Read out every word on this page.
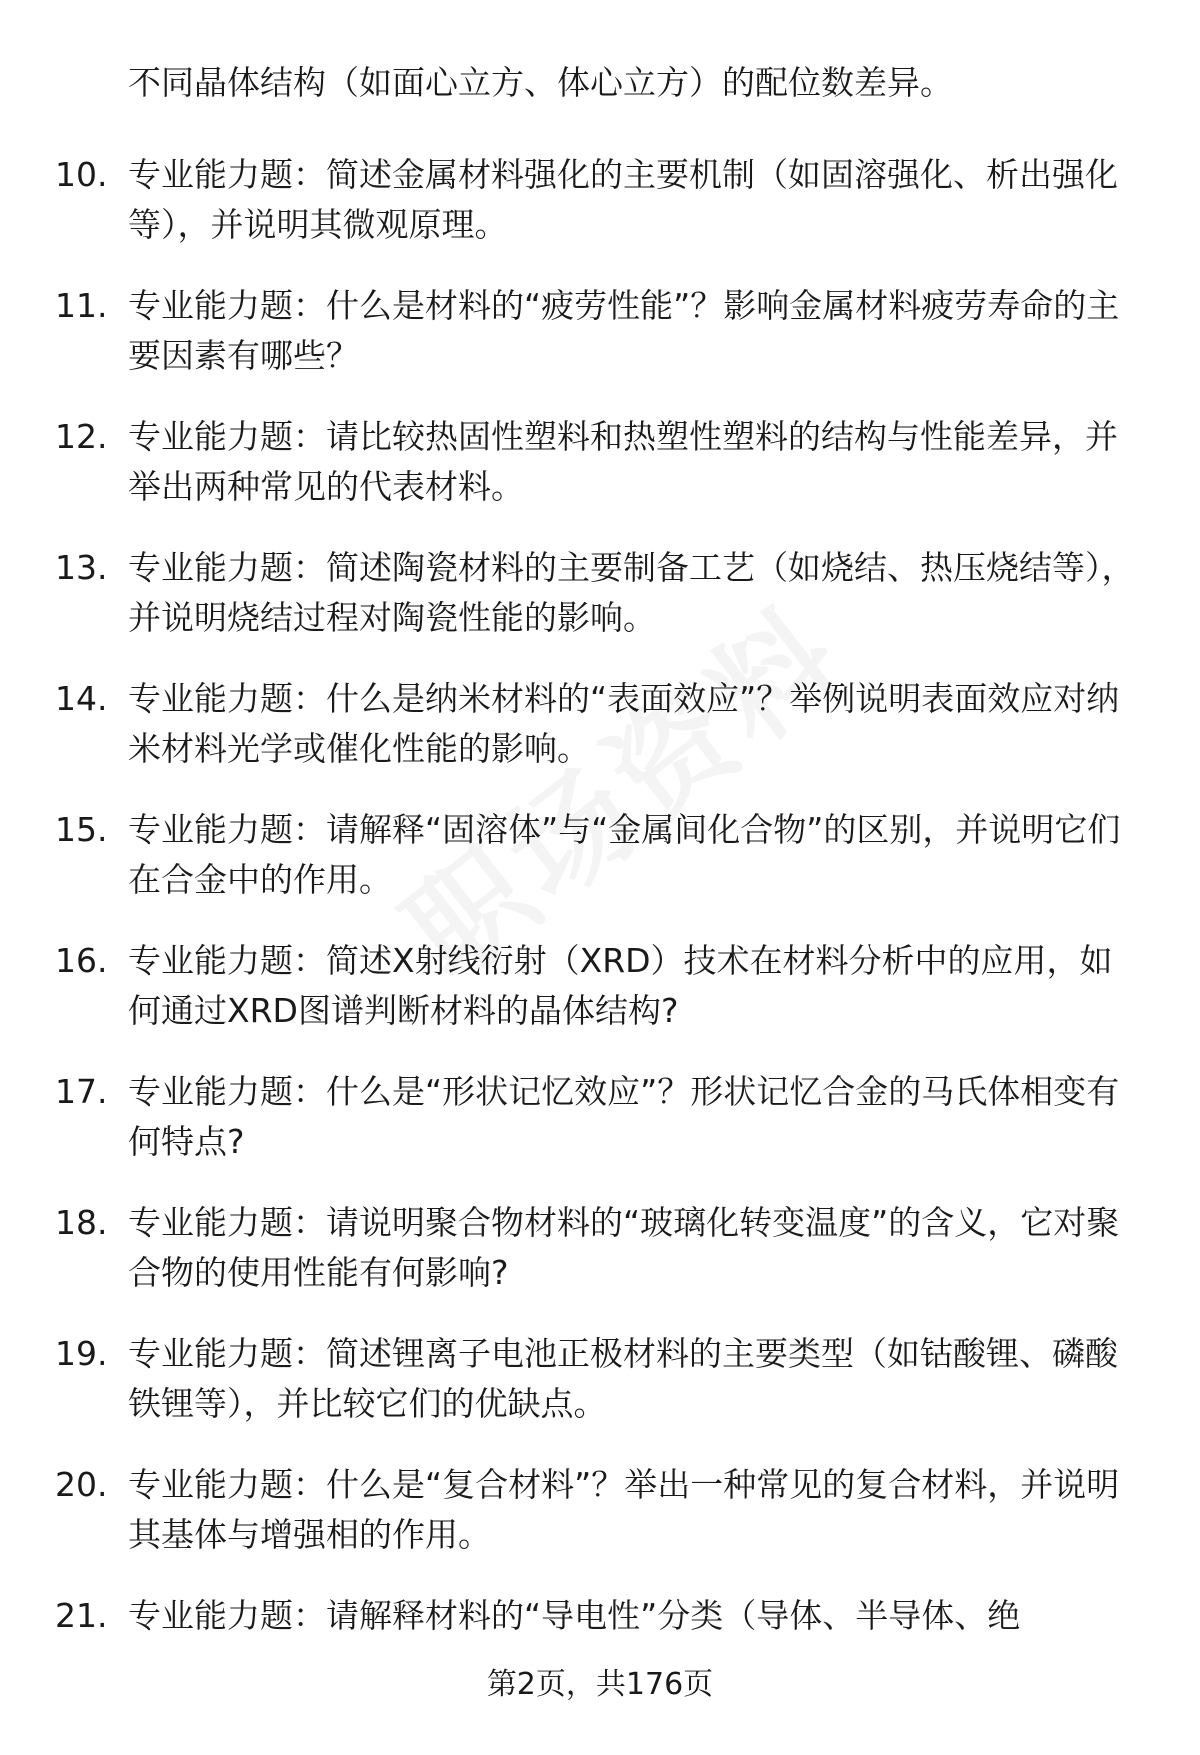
不同晶体结构（如面心立方、体心立方）的配位数差异。
10. 专业能力题：简述金属材料强化的主要机制（如固溶强化、析出强化等），并说明其微观原理。
11. 专业能力题：什么是材料的“疲劳性能”？影响金属材料疲劳寿命的主要因素有哪些？
12. 专业能力题：请比较热固性塑料和热塑性塑料的结构与性能差异，并举出两种常见的代表材料。
13. 专业能力题：简述陶瓷材料的主要制备工艺（如烧结、热压烧结等），并说明烧结过程对陶瓷性能的影响。
14. 专业能力题：什么是纳米材料的“表面效应”？举例说明表面效应对纳米材料光学或催化性能的影响。
15. 专业能力题：请解释“固溶体”与“金属间化合物”的区别，并说明它们在合金中的作用。
16. 专业能力题：简述X射线衍射（XRD）技术在材料分析中的应用，如何通过XRD图谱判断材料的晶体结构?
17. 专业能力题：什么是“形状记忆效应”？形状记忆合金的马氏体相变有何特点?
18. 专业能力题：请说明聚合物材料的“玻璃化转变温度”的含义，它对聚合物的使用性能有何影响?
19. 专业能力题：简述锂离子电池正极材料的主要类型（如钴酸锂、磷酸铁锂等），并比较它们的优缺点。
20. 专业能力题：什么是“复合材料”？举出一种常见的复合材料，并说明其基体与增强相的作用。
21. 专业能力题：请解释材料的“导电性”分类（导体、半导体、绝
第2页，共176页
